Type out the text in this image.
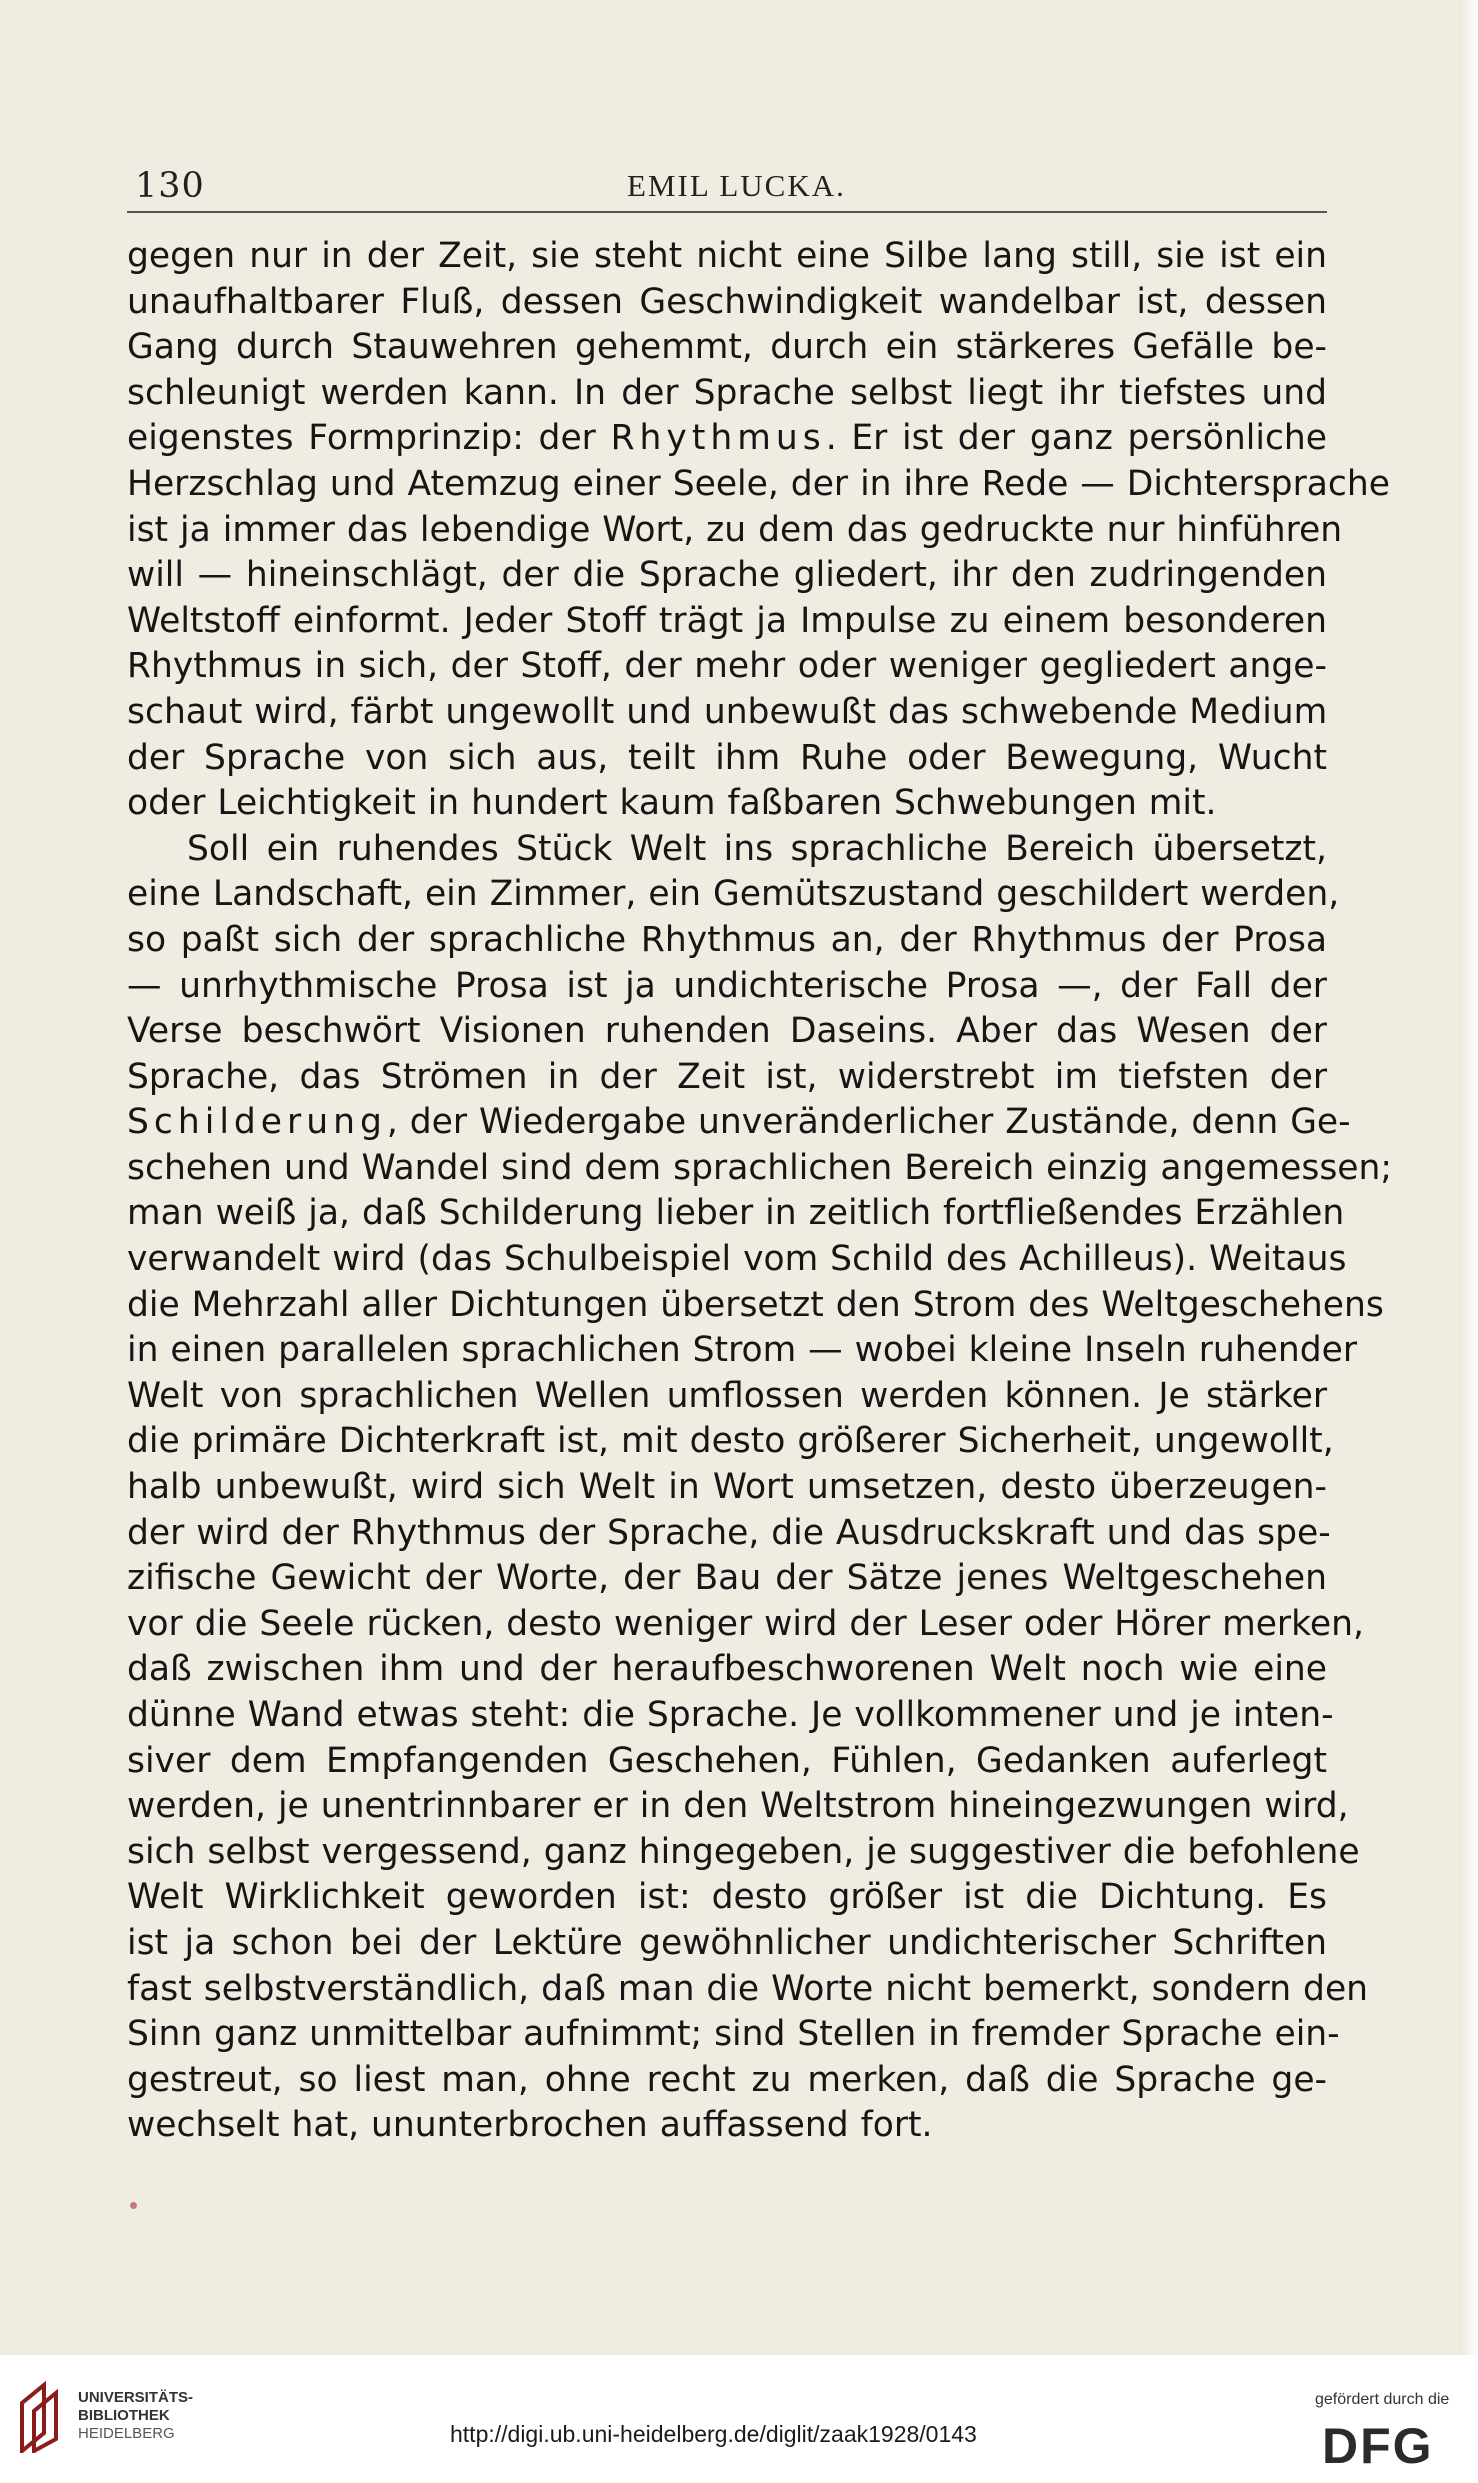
130	EMIL LUCKA.
gegen nur in der Zeit, sie steht nicht eine Silbe lang still, sie ist ein
unaufhaltbarer Fluß, dessen Geschwindigkeit wandelbar ist, dessen
Gang durch Stauwehren gehemmt, durch ein stärkeres Gefälle be-
schleunigt werden kann. In der Sprache selbst liegt ihr tiefstes und
eigenstes Formprinzip: der Rhythmus. Er ist der ganz persönliche
Herzschlag und Atemzug einer Seele, der in ihre Rede — Dichtersprache
ist ja immer das lebendige Wort, zu dem das gedruckte nur hinführen
will — hineinschlägt, der die Sprache gliedert, ihr den zudringenden
Weltstoff einformt. Jeder Stoff trägt ja Impulse zu einem besonderen
Rhythmus in sich, der Stoff, der mehr oder weniger gegliedert ange-
schaut wird, färbt ungewollt und unbewußt das schwebende Medium
der Sprache von sich aus, teilt ihm Ruhe oder Bewegung, Wucht
oder Leichtigkeit in hundert kaum faßbaren Schwebungen mit.
Soll ein ruhendes Stück Welt ins sprachliche Bereich übersetzt,
eine Landschaft, ein Zimmer, ein Gemütszustand geschildert werden,
so paßt sich der sprachliche Rhythmus an, der Rhythmus der Prosa
— unrhythmische Prosa ist ja undichterische Prosa —, der Fall der
Verse beschwört Visionen ruhenden Daseins. Aber das Wesen der
Sprache, das Strömen in der Zeit ist, widerstrebt im tiefsten der
Schilderung, der Wiedergabe unveränderlicher Zustände, denn Ge-
schehen und Wandel sind dem sprachlichen Bereich einzig angemessen;
man weiß ja, daß Schilderung lieber in zeitlich fortfließendes Erzählen
verwandelt wird (das Schulbeispiel vom Schild des Achilleus). Weitaus
die Mehrzahl aller Dichtungen übersetzt den Strom des Weltgeschehens
in einen parallelen sprachlichen Strom — wobei kleine Inseln ruhender
Welt von sprachlichen Wellen umflossen werden können. Je stärker
die primäre Dichterkraft ist, mit desto größerer Sicherheit, ungewollt,
halb unbewußt, wird sich Welt in Wort umsetzen, desto überzeugen-
der wird der Rhythmus der Sprache, die Ausdruckskraft und das spe-
zifische Gewicht der Worte, der Bau der Sätze jenes Weltgeschehen
vor die Seele rücken, desto weniger wird der Leser oder Hörer merken,
daß zwischen ihm und der heraufbeschworenen Welt noch wie eine
dünne Wand etwas steht: die Sprache. Je vollkommener und je inten-
siver dem Empfangenden Geschehen, Fühlen, Gedanken auferlegt
werden, je unentrinnbarer er in den Weltstrom hineingezwungen wird,
sich selbst vergessend, ganz hingegeben, je suggestiver die befohlene
Welt Wirklichkeit geworden ist: desto größer ist die Dichtung. Es
ist ja schon bei der Lektüre gewöhnlicher undichterischer Schriften
fast selbstverständlich, daß man die Worte nicht bemerkt, sondern den
Sinn ganz unmittelbar aufnimmt; sind Stellen in fremder Sprache ein-
gestreut, so liest man, ohne recht zu merken, daß die Sprache ge-
wechselt hat, ununterbrochen auffassend fort.
UNIVERSITÄTS-
BIBLIOTHEK
HEIDELBERG	http://digi.ub.uni-heidelberg.de/diglit/zaak1928/0143
gefördert durch die
DFG
